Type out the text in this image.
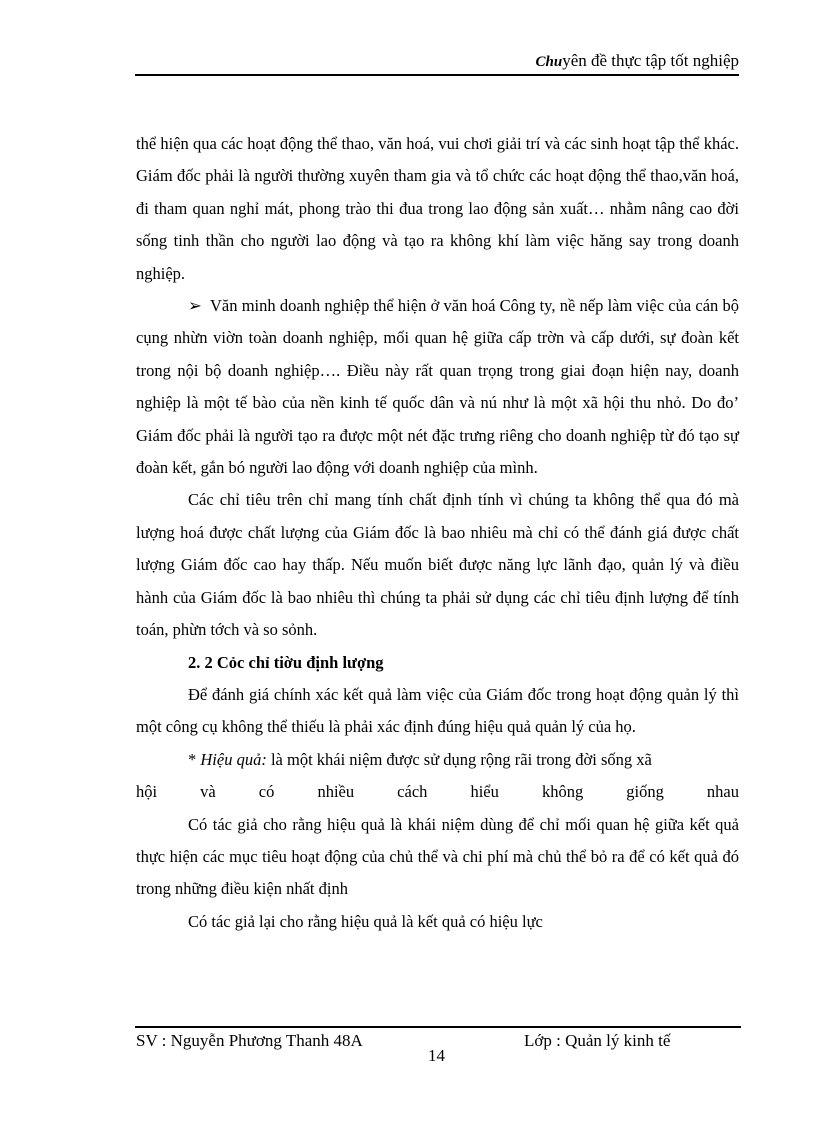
Chuyên đề thực tập tốt nghiệp

thể hiện qua các hoạt động thể thao, văn hoá, vui chơi giải trí và các sinh hoạt tập thể khác. Giám đốc phải là người thường xuyên tham gia và tổ chức các hoạt động thể thao,văn hoá, đi tham quan nghỉ mát, phong trào thi đua trong lao động sản xuất… nhằm nâng cao đời sống tinh thần cho người lao động và tạo ra không khí làm việc hăng say trong doanh nghiệp.

➢ Văn minh doanh nghiệp thể hiện ở văn hoá Công ty, nề nếp làm việc của cán bộ cụng nhừn viờn toàn doanh nghiệp, mối quan hệ giữa cấp trờn và cấp dưới, sự đoàn kết trong nội bộ doanh nghiệp…. Điều này rất quan trọng trong giai đoạn hiện nay, doanh nghiệp là một tế bào của nền kinh tế quốc dân và nú như là một xã hội thu nhỏ. Do đo’ Giám đốc phải là người tạo ra được một nét đặc trưng riêng cho doanh nghiệp từ đó tạo sự đoàn kết, gắn bó người lao động với doanh nghiệp của mình.

Các chỉ tiêu trên chỉ mang tính chất định tính vì chúng ta không thể qua đó mà lượng hoá được chất lượng của Giám đốc là bao nhiêu mà chỉ có thể đánh giá được chất lượng Giám đốc cao hay thấp. Nếu muốn biết được năng lực lãnh đạo, quản lý và điều hành của Giám đốc là bao nhiêu thì chúng ta phải sử dụng các chỉ tiêu định lượng để tính toán, phừn tớch và so sỏnh.

2. 2 Cỏc chỉ tiờu định lượng

Để đánh giá chính xác kết quả làm việc của Giám đốc trong hoạt động quản lý thì một công cụ không thể thiếu là phải xác định đúng hiệu quả quản lý của họ.

* Hiệu quả: là một khái niệm được sử dụng rộng rãi trong đời sống xã

hội và có nhiều cách hiểu không giống nhau

Có tác giả cho rằng hiệu quả là khái niệm dùng để chỉ mối quan hệ giữa kết quả thực hiện các mục tiêu hoạt động của chủ thể và chi phí mà chủ thể bỏ ra để có kết quả đó trong những điều kiện nhất định

Có tác giả lại cho rằng hiệu quả là kết quả có hiệu lực

SV : Nguyễn Phương Thanh 48A
14
Lớp : Quản lý kinh tế
